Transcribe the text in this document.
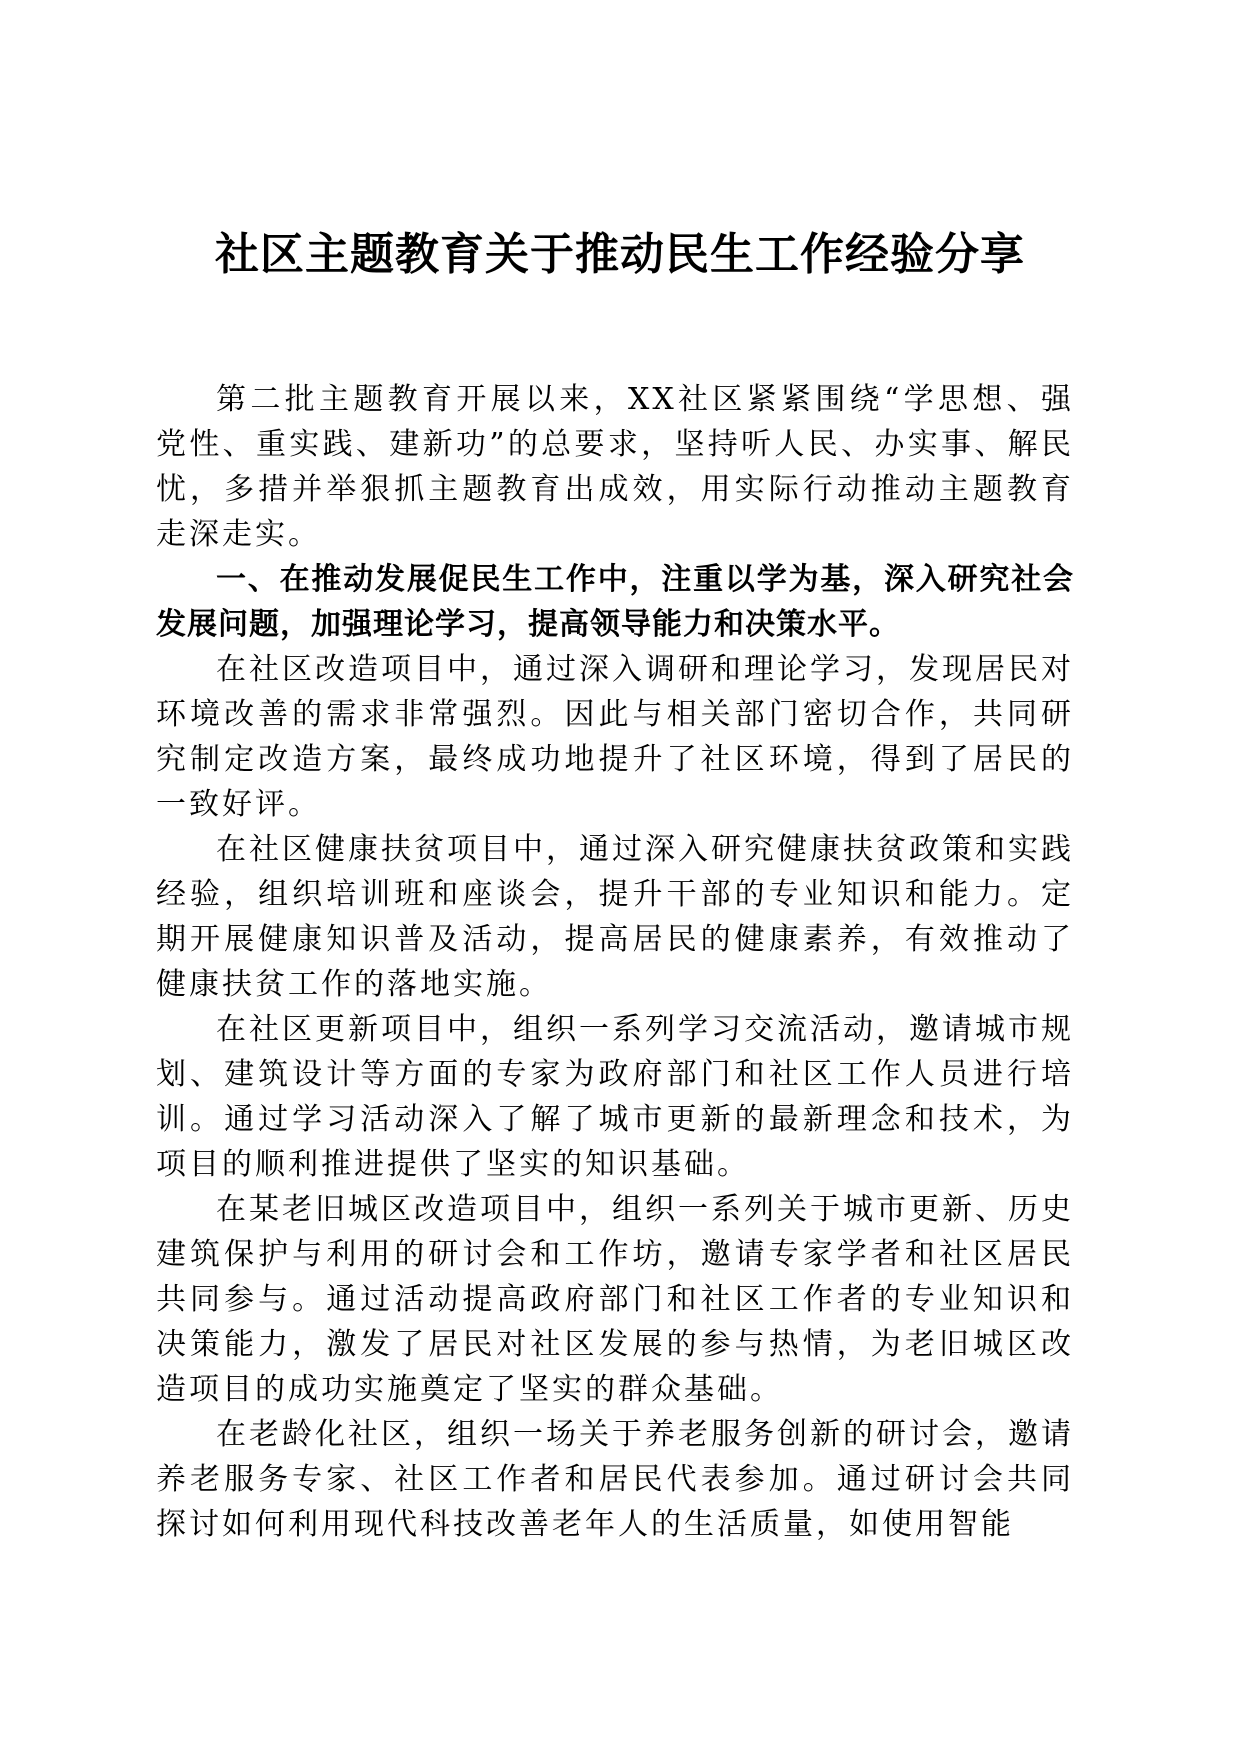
社区主题教育关于推动民生工作经验分享

第二批主题教育开展以来，XX社区紧紧围绕“学思想、强党性、重实践、建新功”的总要求，坚持听人民、办实事、解民忧，多措并举狠抓主题教育出成效，用实际行动推动主题教育走深走实。

一、在推动发展促民生工作中，注重以学为基，深入研究社会发展问题，加强理论学习，提高领导能力和决策水平。

在社区改造项目中，通过深入调研和理论学习，发现居民对环境改善的需求非常强烈。因此与相关部门密切合作，共同研究制定改造方案，最终成功地提升了社区环境，得到了居民的一致好评。

在社区健康扶贫项目中，通过深入研究健康扶贫政策和实践经验，组织培训班和座谈会，提升干部的专业知识和能力。定期开展健康知识普及活动，提高居民的健康素养，有效推动了健康扶贫工作的落地实施。

在社区更新项目中，组织一系列学习交流活动，邀请城市规划、建筑设计等方面的专家为政府部门和社区工作人员进行培训。通过学习活动深入了解了城市更新的最新理念和技术，为项目的顺利推进提供了坚实的知识基础。

在某老旧城区改造项目中，组织一系列关于城市更新、历史建筑保护与利用的研讨会和工作坊，邀请专家学者和社区居民共同参与。通过活动提高政府部门和社区工作者的专业知识和决策能力，激发了居民对社区发展的参与热情，为老旧城区改造项目的成功实施奠定了坚实的群众基础。

在老龄化社区，组织一场关于养老服务创新的研讨会，邀请养老服务专家、社区工作者和居民代表参加。通过研讨会共同探讨如何利用现代科技改善老年人的生活质量，如使用智能
